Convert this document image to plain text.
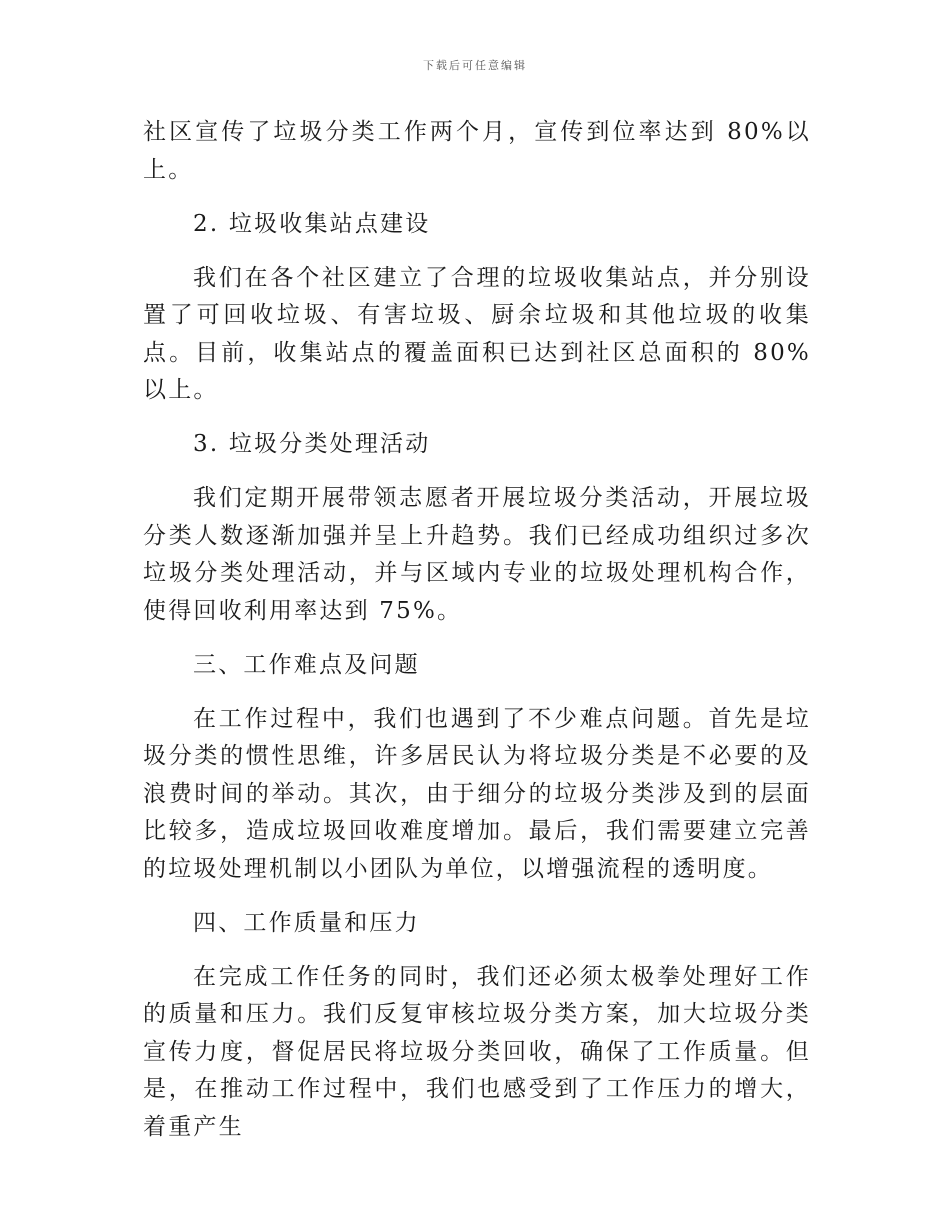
下载后可任意编辑

社区宣传了垃圾分类工作两个月，宣传到位率达到 80%以上。

2. 垃圾收集站点建设

我们在各个社区建立了合理的垃圾收集站点，并分别设置了可回收垃圾、有害垃圾、厨余垃圾和其他垃圾的收集点。目前，收集站点的覆盖面积已达到社区总面积的 80%以上。

3. 垃圾分类处理活动

我们定期开展带领志愿者开展垃圾分类活动，开展垃圾分类人数逐渐加强并呈上升趋势。我们已经成功组织过多次垃圾分类处理活动，并与区域内专业的垃圾处理机构合作，使得回收利用率达到 75%。

三、工作难点及问题

在工作过程中，我们也遇到了不少难点问题。首先是垃圾分类的惯性思维，许多居民认为将垃圾分类是不必要的及浪费时间的举动。其次，由于细分的垃圾分类涉及到的层面比较多，造成垃圾回收难度增加。最后，我们需要建立完善的垃圾处理机制以小团队为单位，以增强流程的透明度。

四、工作质量和压力

在完成工作任务的同时，我们还必须太极拳处理好工作的质量和压力。我们反复审核垃圾分类方案，加大垃圾分类宣传力度，督促居民将垃圾分类回收，确保了工作质量。但是，在推动工作过程中，我们也感受到了工作压力的增大，着重产生
